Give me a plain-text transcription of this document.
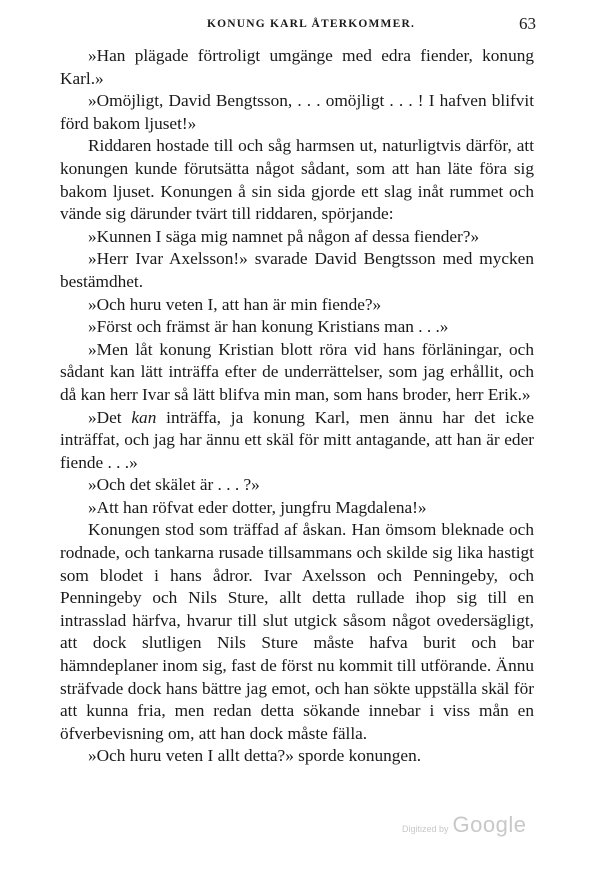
KONUNG KARL ÅTERKOMMER.	63

»Han plägade förtroligt umgänge med edra fiender, konung Karl.»

»Omöjligt, David Bengtsson, . . . omöjligt . . . ! I hafven blifvit förd bakom ljuset!»

Riddaren hostade till och såg harmsen ut, naturligtvis därför, att konungen kunde förutsätta något sådant, som att han läte föra sig bakom ljuset. Konungen å sin sida gjorde ett slag inåt rummet och vände sig därunder tvärt till riddaren, spörjande:

»Kunnen I säga mig namnet på någon af dessa fiender?»

»Herr Ivar Axelsson!» svarade David Bengtsson med mycken bestämdhet.

»Och huru veten I, att han är min fiende?»

»Först och främst är han konung Kristians man . . .»

»Men låt konung Kristian blott röra vid hans förläningar, och sådant kan lätt inträffa efter de underrättelser, som jag erhållit, och då kan herr Ivar så lätt blifva min man, som hans broder, herr Erik.»

»Det kan inträffa, ja konung Karl, men ännu har det icke inträffat, och jag har ännu ett skäl för mitt antagande, att han är eder fiende . . .»

»Och det skälet är . . . ?»

»Att han röfvat eder dotter, jungfru Magdalena!»

Konungen stod som träffad af åskan. Han ömsom bleknade och rodnade, och tankarna rusade tillsammans och skilde sig lika hastigt som blodet i hans ådror. Ivar Axelsson och Penningeby, och Penningeby och Nils Sture, allt detta rullade ihop sig till en intrasslad härfva, hvarur till slut utgick såsom något ovedersägligt, att dock slutligen Nils Sture måste hafva burit och bar hämndeplaner inom sig, fast de först nu kommit till utförande. Ännu sträfvade dock hans bättre jag emot, och han sökte uppställa skäl för att kunna fria, men redan detta sökande innebar i viss mån en öfverbevisning om, att han dock måste fälla.

»Och huru veten I allt detta?» sporde konungen.

Digitized by Google
